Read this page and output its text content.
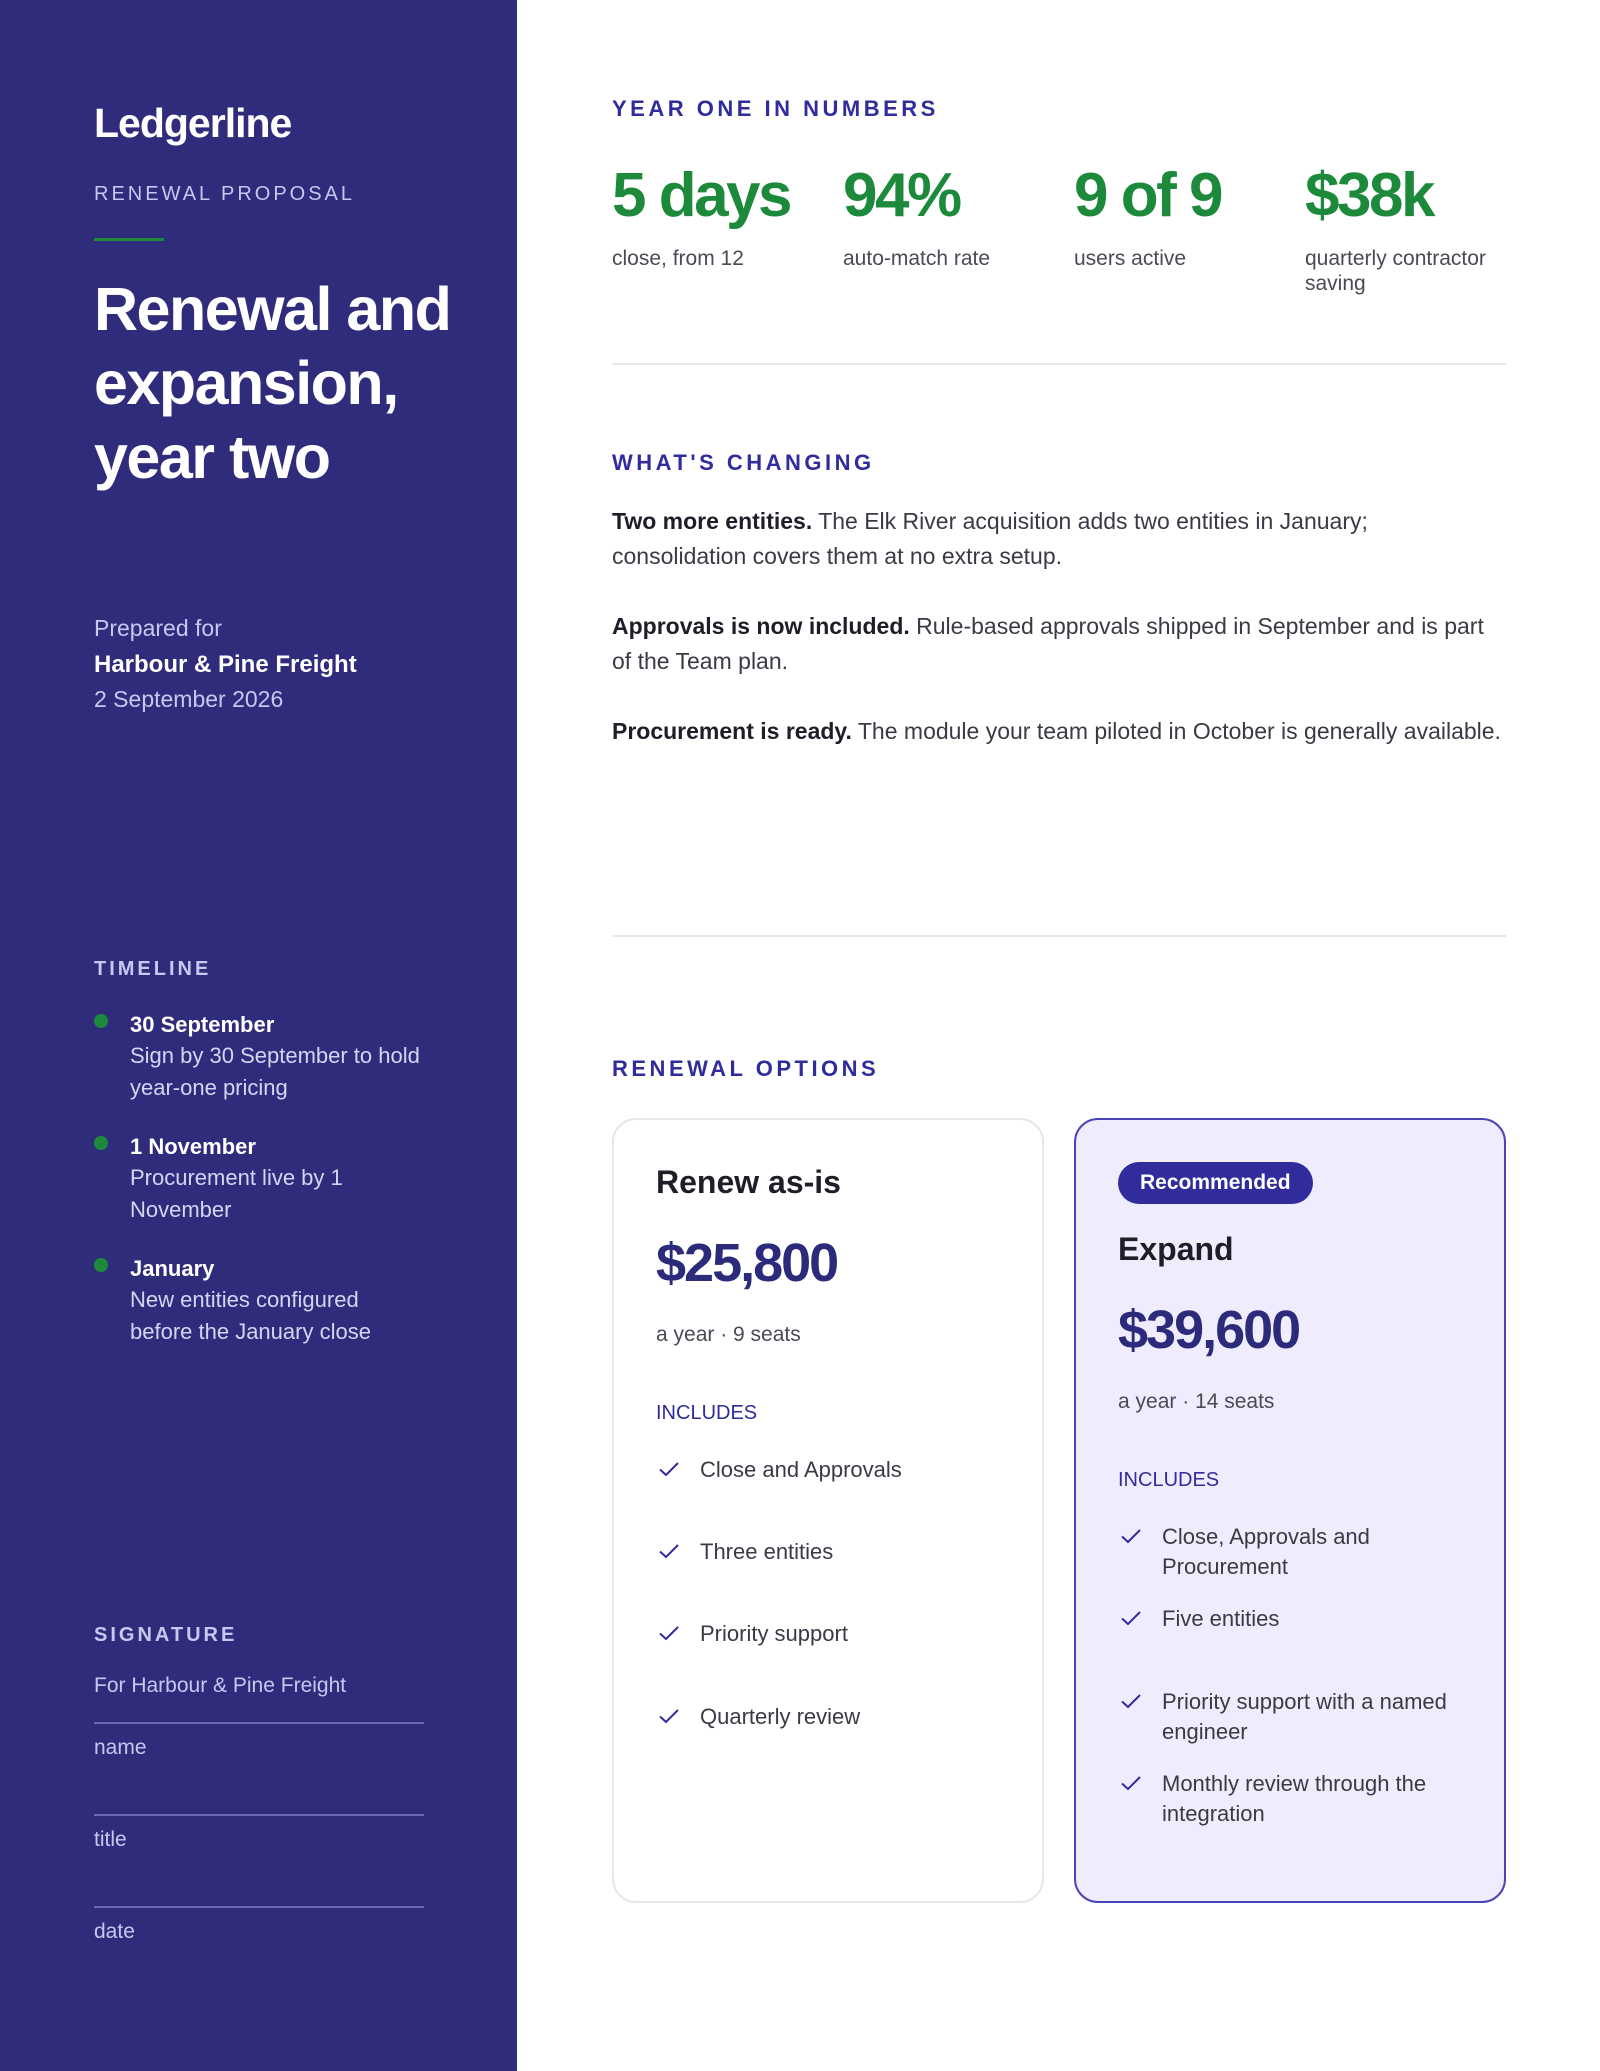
Ledgerline
RENEWAL PROPOSAL
Renewal and expansion, year two
Prepared for
Harbour & Pine Freight
2 September 2026
TIMELINE
30 September
Sign by 30 September to hold year-one pricing
1 November
Procurement live by 1 November
January
New entities configured before the January close
SIGNATURE
For Harbour & Pine Freight
name
title
date
YEAR ONE IN NUMBERS
5 days
close, from 12
94%
auto-match rate
9 of 9
users active
$38k
quarterly contractor saving
WHAT'S CHANGING

Two more entities. The Elk River acquisition adds two entities in January; consolidation covers them at no extra setup.

Approvals is now included. Rule-based approvals shipped in September and is part of the Team plan.

Procurement is ready. The module your team piloted in October is generally available.

RENEWAL OPTIONS
Renew as-is
$25,800
a year · 9 seats
INCLUDES
Close and Approvals
Three entities
Priority support
Quarterly review
Recommended
Expand
$39,600
a year · 14 seats
INCLUDES
Close, Approvals and Procurement
Five entities
Priority support with a named engineer
Monthly review through the integration
